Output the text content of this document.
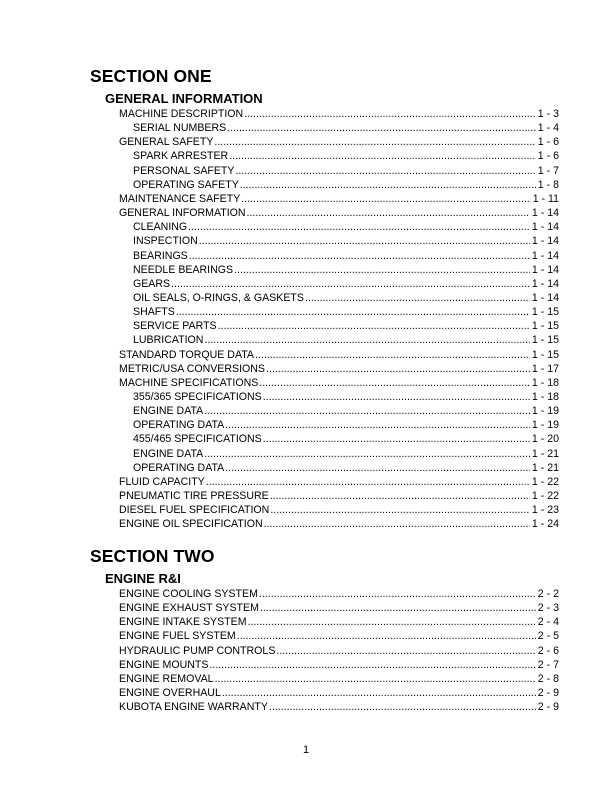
SECTION ONE
GENERAL INFORMATION
MACHINE DESCRIPTION .....	1 - 3
SERIAL NUMBERS .....	1 - 4
GENERAL SAFETY .....	1 - 6
SPARK ARRESTER .....	1 - 6
PERSONAL SAFETY .....	1 - 7
OPERATING SAFETY .....	1 - 8
MAINTENANCE SAFETY .....	1 - 11
GENERAL INFORMATION .....	1 - 14
CLEANING .....	1 - 14
INSPECTION .....	1 - 14
BEARINGS .....	1 - 14
NEEDLE BEARINGS .....	1 - 14
GEARS .....	1 - 14
OIL SEALS, O-RINGS, & GASKETS .....	1 - 14
SHAFTS .....	1 - 15
SERVICE PARTS .....	1 - 15
LUBRICATION .....	1 - 15
STANDARD TORQUE DATA .....	1 - 15
METRIC/USA CONVERSIONS .....	1 - 17
MACHINE SPECIFICATIONS .....	1 - 18
355/365 SPECIFICATIONS .....	1 - 18
ENGINE DATA .....	1 - 19
OPERATING DATA .....	1 - 19
455/465 SPECIFICATIONS .....	1 - 20
ENGINE DATA .....	1 - 21
OPERATING DATA .....	1 - 21
FLUID CAPACITY .....	1 - 22
PNEUMATIC TIRE PRESSURE .....	1 - 22
DIESEL FUEL SPECIFICATION .....	1 - 23
ENGINE OIL SPECIFICATION .....	1 - 24
SECTION TWO
ENGINE R&I
ENGINE COOLING SYSTEM .....	2 - 2
ENGINE EXHAUST SYSTEM .....	2 - 3
ENGINE INTAKE SYSTEM .....	2 - 4
ENGINE FUEL SYSTEM .....	2 - 5
HYDRAULIC PUMP CONTROLS .....	2 - 6
ENGINE MOUNTS .....	2 - 7
ENGINE REMOVAL .....	2 - 8
ENGINE OVERHAUL .....	2 - 9
KUBOTA ENGINE WARRANTY .....	2 - 9
1
